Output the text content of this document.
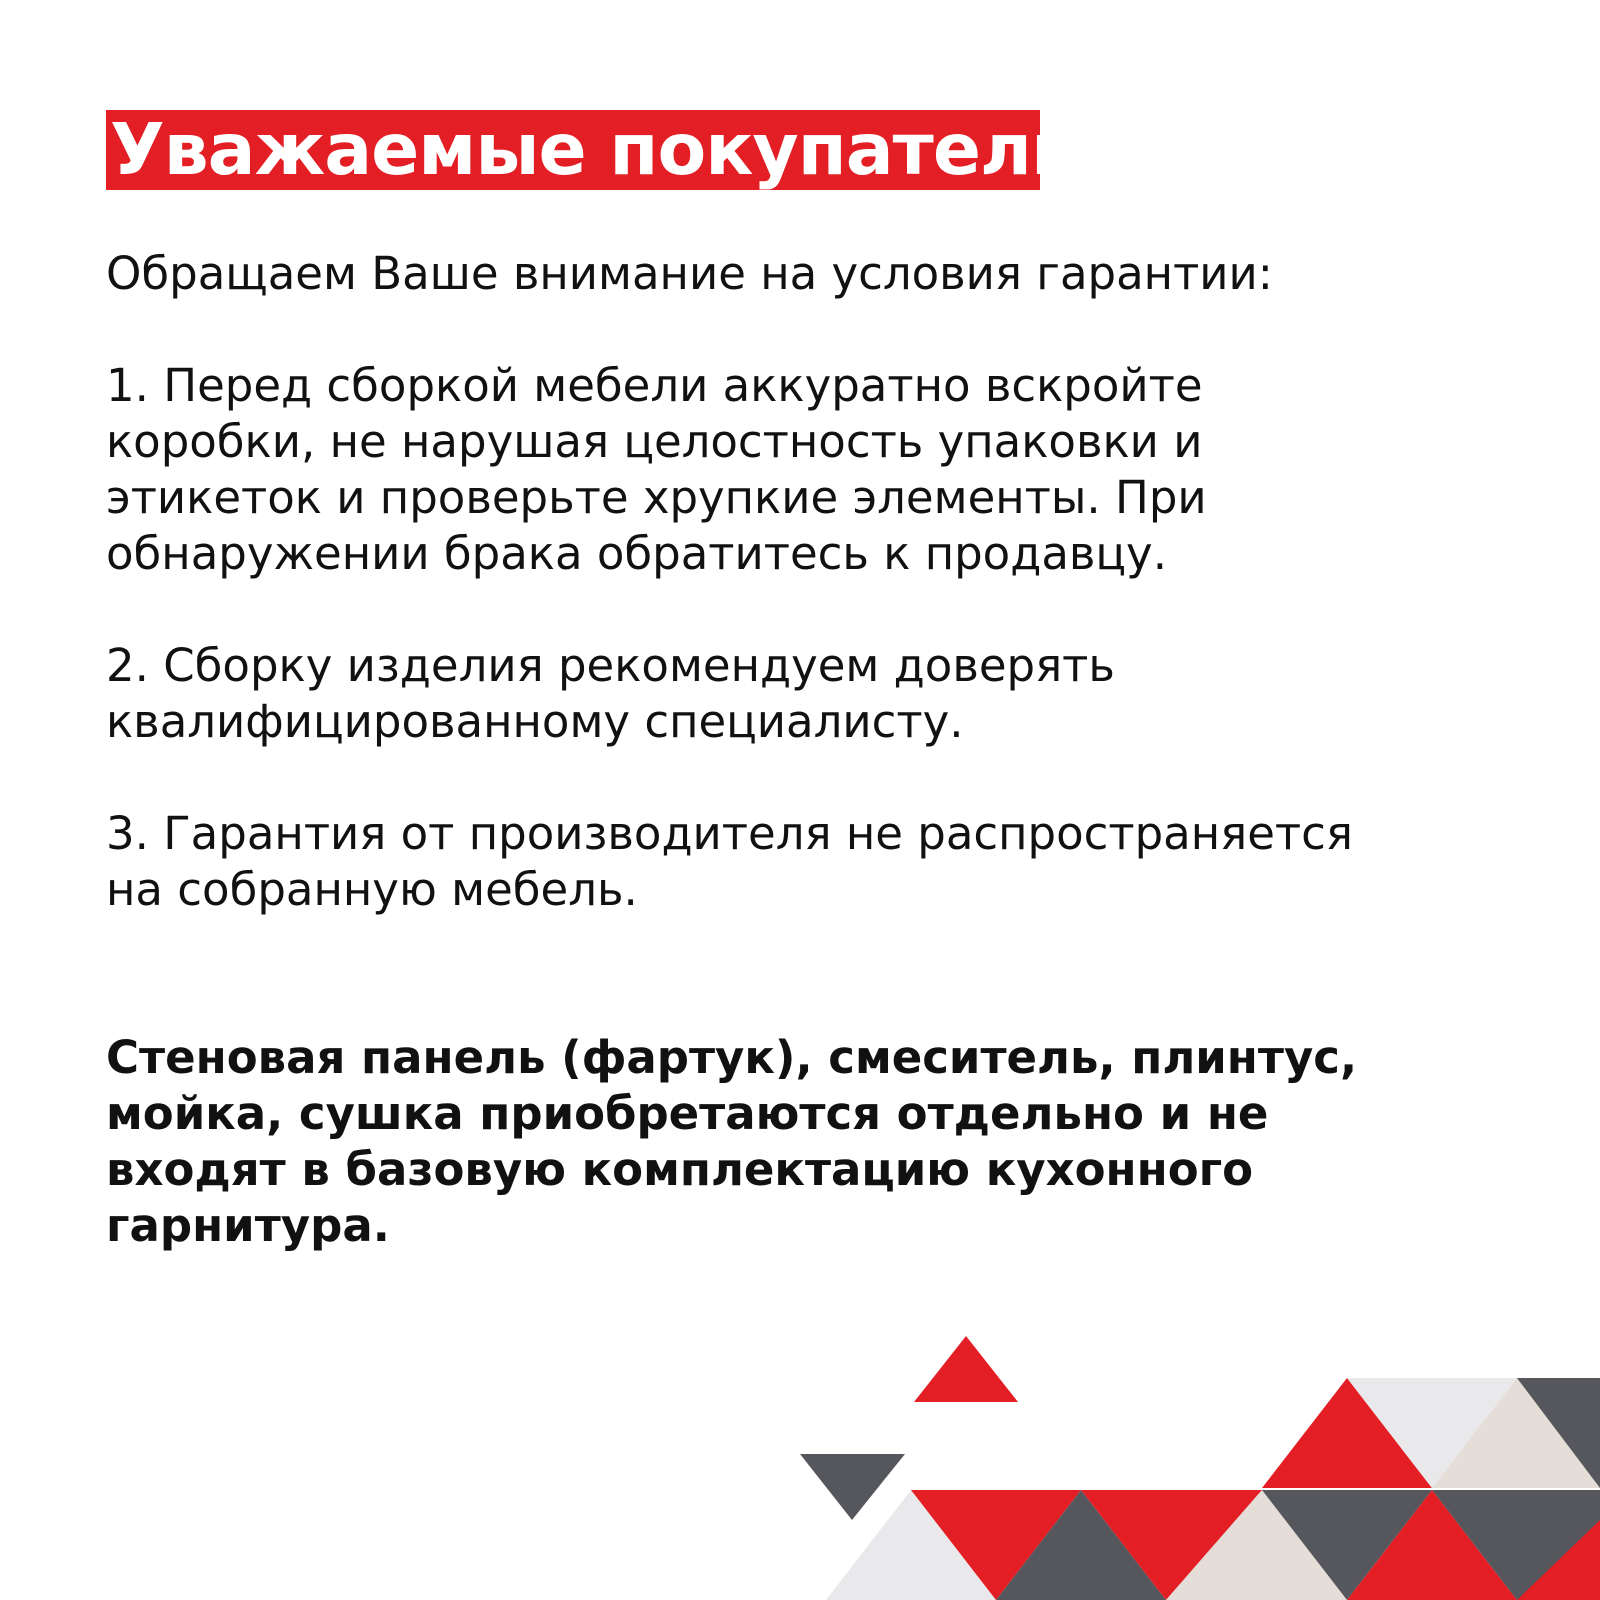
Уважаемые покупатели
Обращаем Ваше внимание на условия гарантии:
1. Перед сборкой мебели аккуратно вскройте
коробки, не нарушая целостность упаковки и
этикеток и проверьте хрупкие элементы. При
обнаружении брака обратитесь к продавцу.
2. Сборку изделия рекомендуем доверять
квалифицированному специалисту.
3. Гарантия от производителя не распространяется
на собранную мебель.
Стеновая панель (фартук), смеситель, плинтус,
мойка, сушка приобретаются отдельно и не
входят в базовую комплектацию кухонного
гарнитура.
